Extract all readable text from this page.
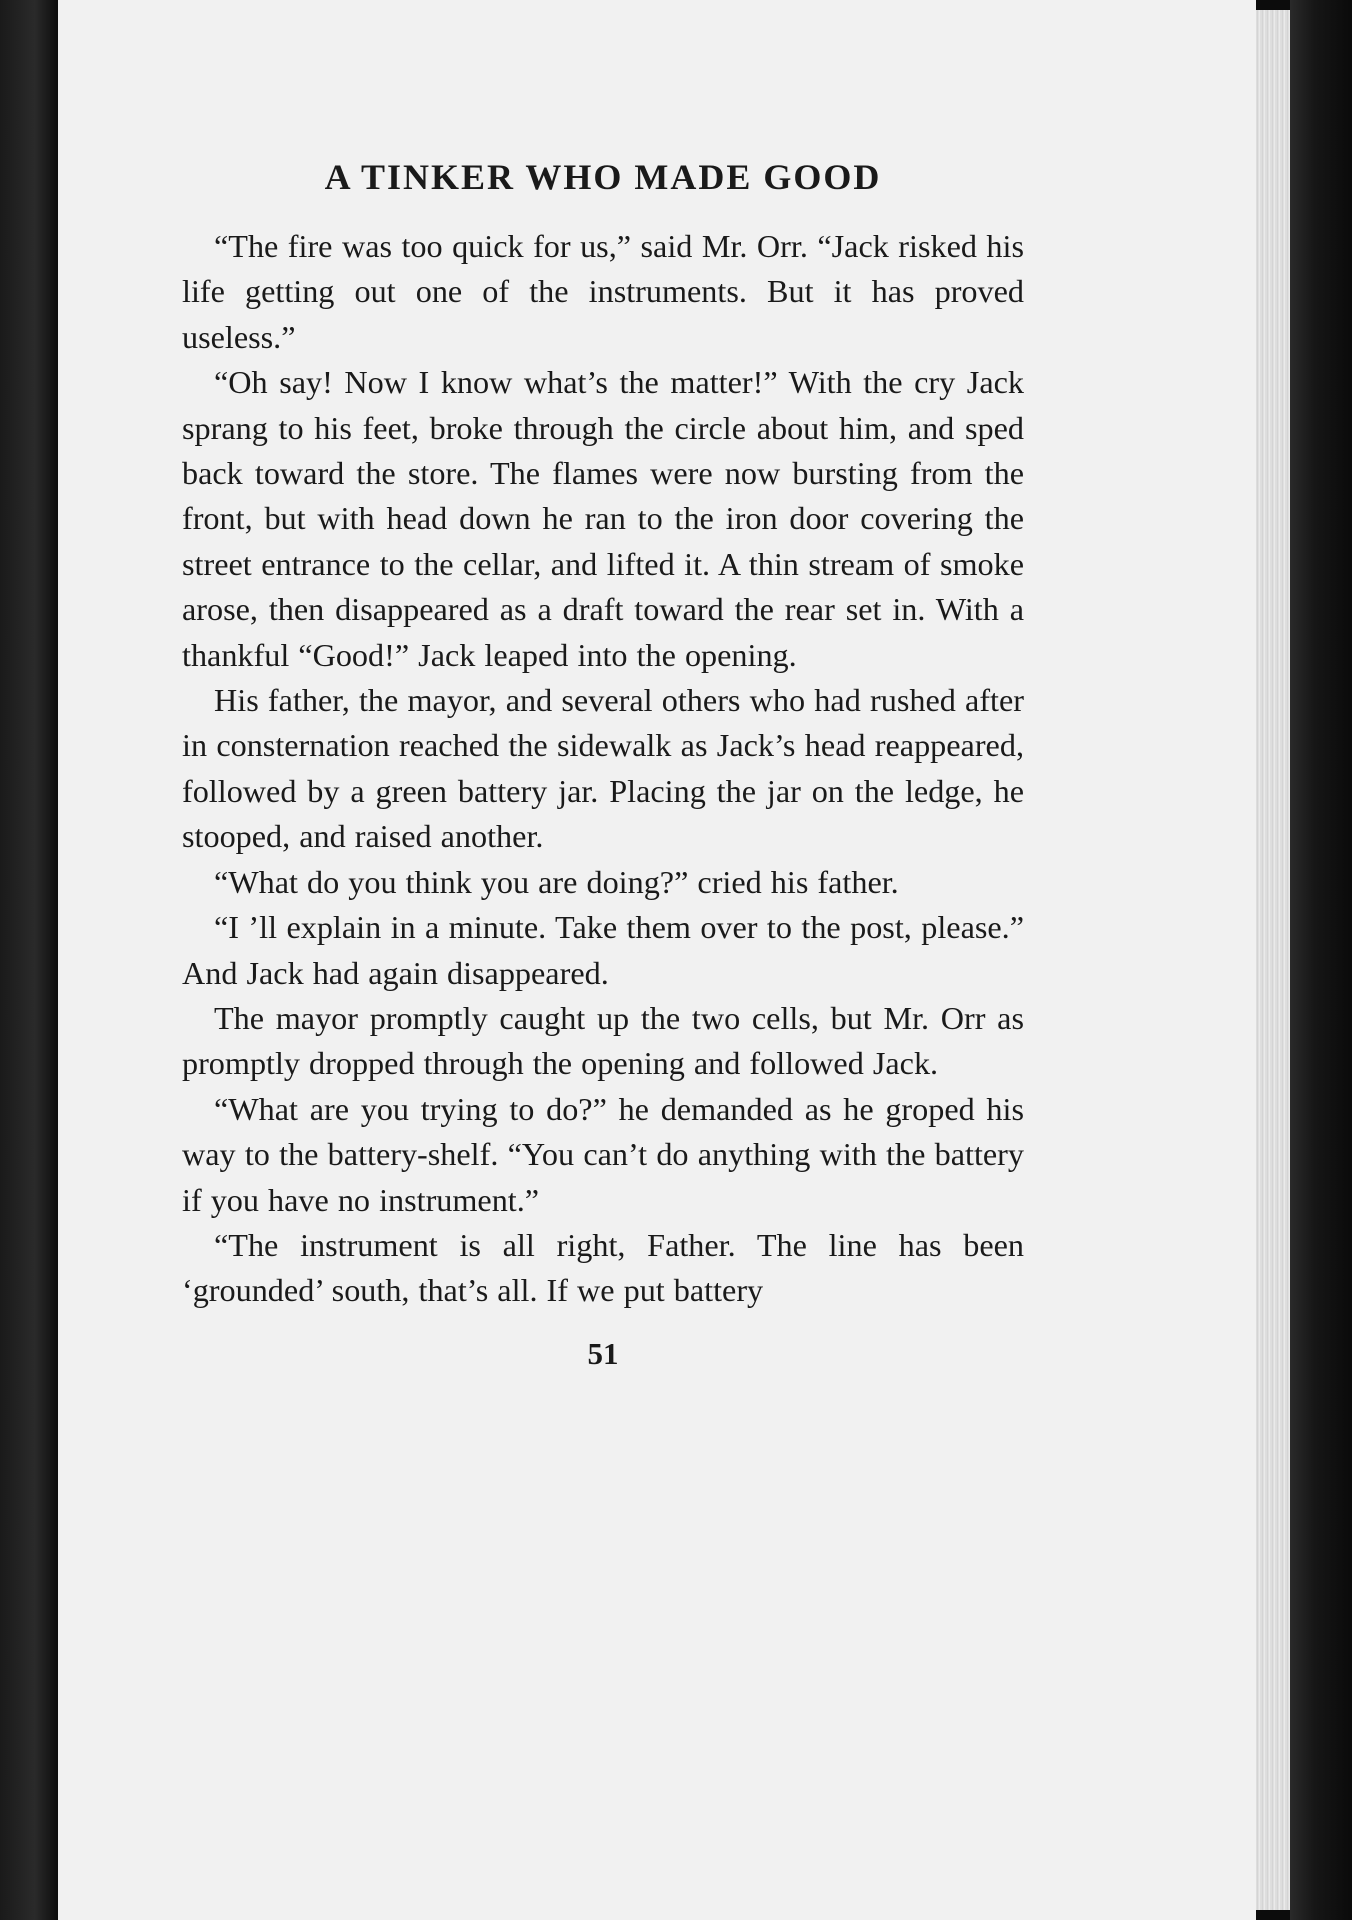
A TINKER WHO MADE GOOD

“The fire was too quick for us,” said Mr. Orr. “Jack risked his life getting out one of the instruments. But it has proved useless.”

“Oh say! Now I know what’s the matter!” With the cry Jack sprang to his feet, broke through the circle about him, and sped back toward the store. The flames were now bursting from the front, but with head down he ran to the iron door covering the street entrance to the cellar, and lifted it. A thin stream of smoke arose, then disappeared as a draft toward the rear set in. With a thankful “Good!” Jack leaped into the opening.

His father, the mayor, and several others who had rushed after in consternation reached the sidewalk as Jack’s head reappeared, followed by a green battery jar. Placing the jar on the ledge, he stooped, and raised another.

“What do you think you are doing?” cried his father.

“I ’ll explain in a minute. Take them over to the post, please.” And Jack had again disappeared.

The mayor promptly caught up the two cells, but Mr. Orr as promptly dropped through the opening and followed Jack.

“What are you trying to do?” he demanded as he groped his way to the battery-shelf. “You can’t do anything with the battery if you have no instrument.”

“The instrument is all right, Father. The line has been ‘grounded’ south, that’s all. If we put battery

51
